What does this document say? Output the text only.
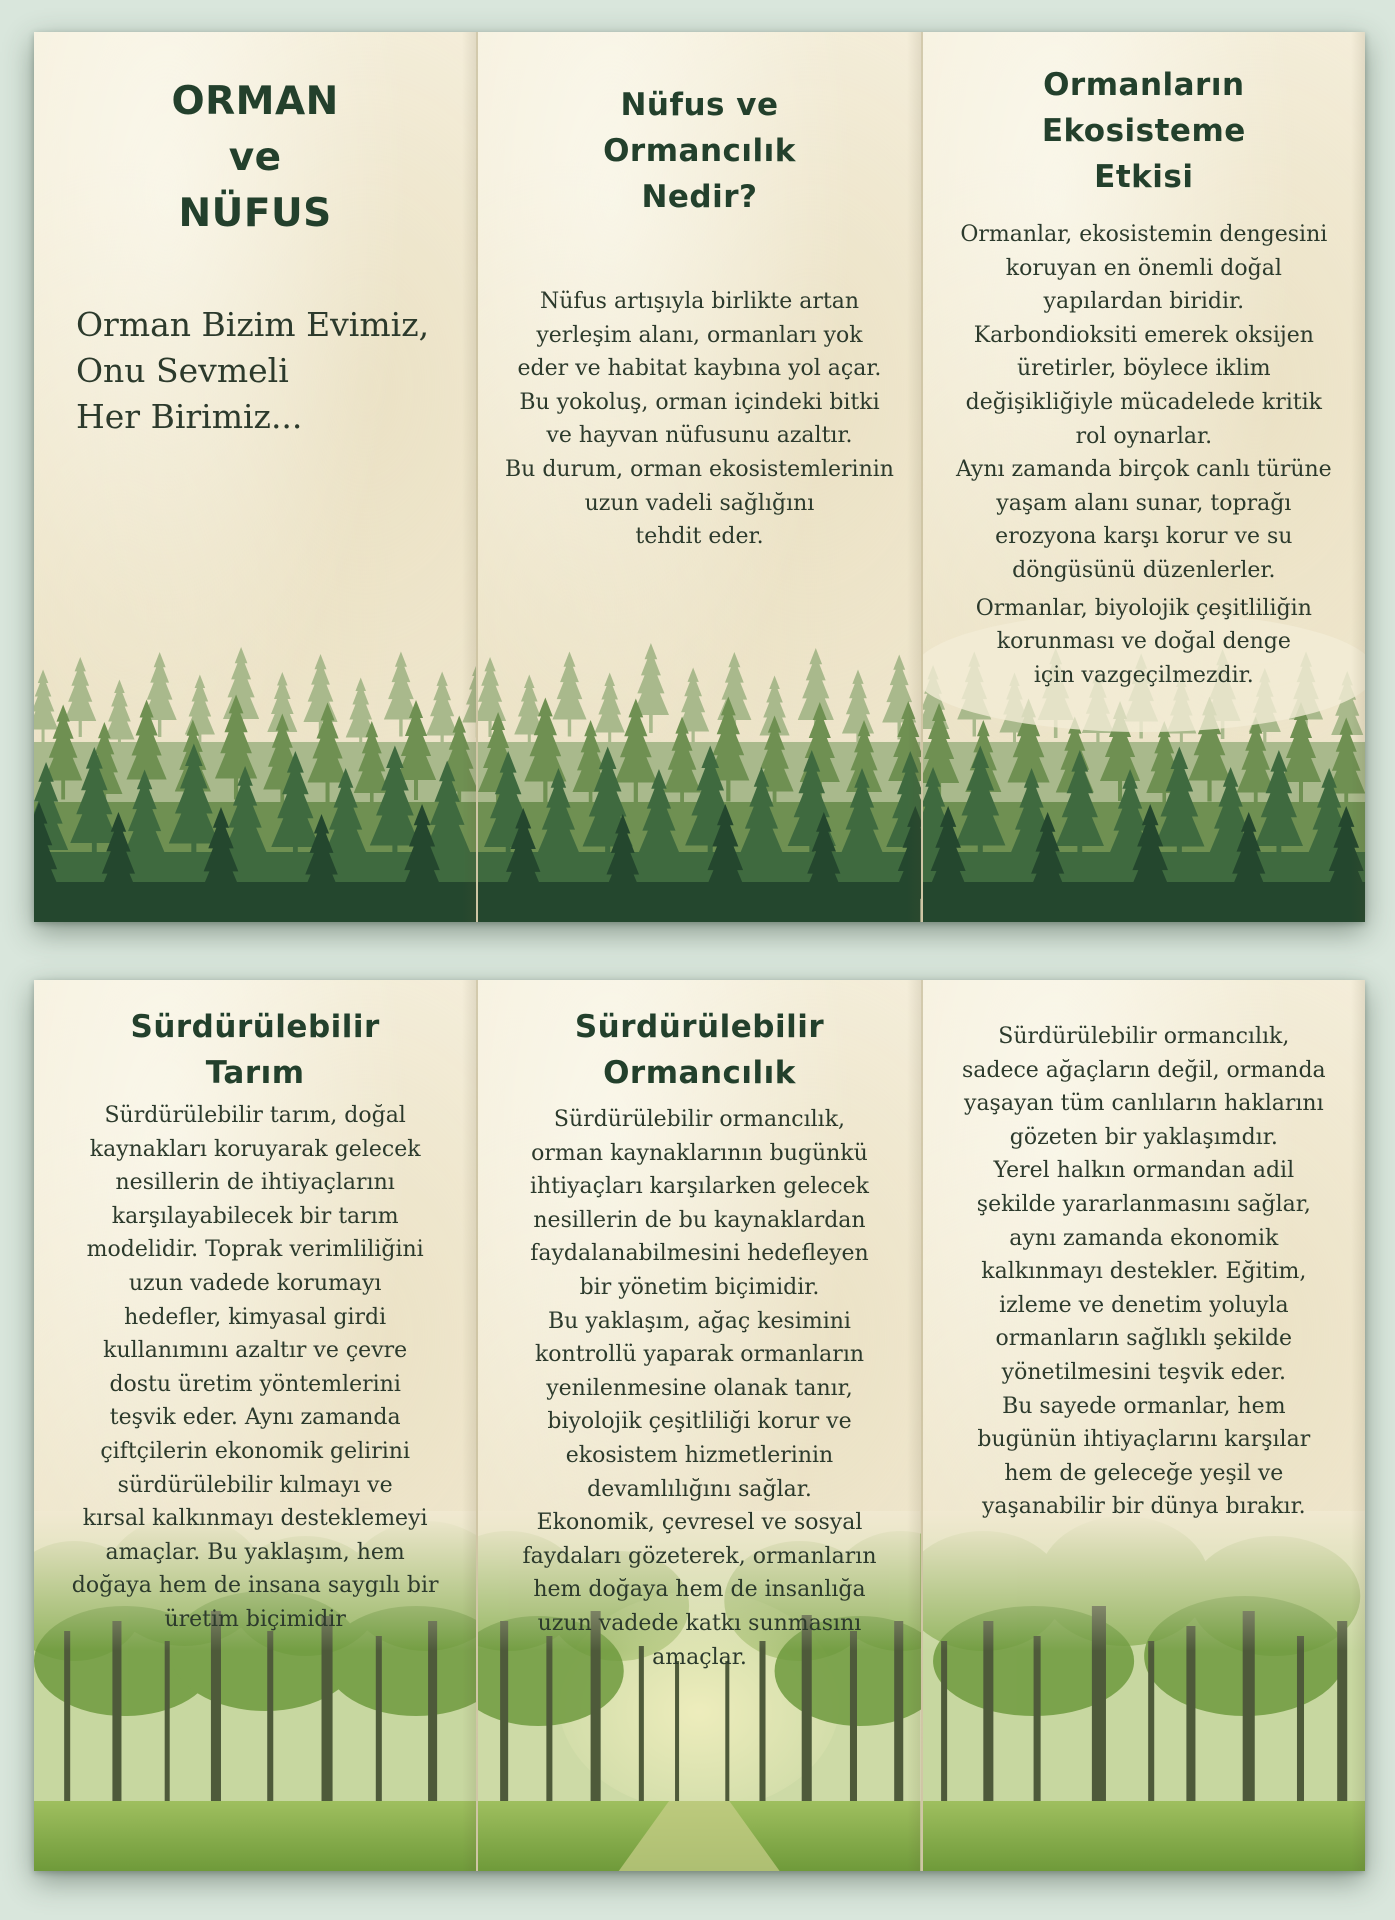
ORMAN
ve
NÜFUS

Orman Bizim Evimiz,
Onu Sevmeli
Her Birimiz...

Nüfus ve
Ormancılık
Nedir?

Nüfus artışıyla birlikte artan
yerleşim alanı, ormanları yok
eder ve habitat kaybına yol açar.
Bu yokoluş, orman içindeki bitki
ve hayvan nüfusunu azaltır.
Bu durum, orman ekosistemlerinin
uzun vadeli sağlığını
tehdit eder.

Ormanların
Ekosisteme
Etkisi

Ormanlar, ekosistemin dengesini
koruyan en önemli doğal
yapılardan biridir.
Karbondioksiti emerek oksijen
üretirler, böylece iklim
değişikliğiyle mücadelede kritik
rol oynarlar.
Aynı zamanda birçok canlı türüne
yaşam alanı sunar, toprağı
erozyona karşı korur ve su
döngüsünü düzenlerler.
Ormanlar, biyolojik çeşitliliğin
korunması ve doğal denge
için vazgeçilmezdir.

Sürdürülebilir
Tarım

Sürdürülebilir tarım, doğal
kaynakları koruyarak gelecek
nesillerin de ihtiyaçlarını
karşılayabilecek bir tarım
modelidir. Toprak verimliliğini
uzun vadede korumayı
hedefler, kimyasal girdi
kullanımını azaltır ve çevre
dostu üretim yöntemlerini
teşvik eder. Aynı zamanda
çiftçilerin ekonomik gelirini
sürdürülebilir kılmayı ve
kırsal kalkınmayı desteklemeyi
amaçlar. Bu yaklaşım, hem
doğaya hem de insana saygılı bir
üretim biçimidir

Sürdürülebilir
Ormancılık

Sürdürülebilir ormancılık,
orman kaynaklarının bugünkü
ihtiyaçları karşılarken gelecek
nesillerin de bu kaynaklardan
faydalanabilmesini hedefleyen
bir yönetim biçimidir.
Bu yaklaşım, ağaç kesimini
kontrollü yaparak ormanların
yenilenmesine olanak tanır,
biyolojik çeşitliliği korur ve
ekosistem hizmetlerinin
devamlılığını sağlar.
Ekonomik, çevresel ve sosyal
faydaları gözeterek, ormanların
hem doğaya hem de insanlığa
uzun vadede katkı sunmasını
amaçlar.

Sürdürülebilir ormancılık,
sadece ağaçların değil, ormanda
yaşayan tüm canlıların haklarını
gözeten bir yaklaşımdır.
Yerel halkın ormandan adil
şekilde yararlanmasını sağlar,
aynı zamanda ekonomik
kalkınmayı destekler. Eğitim,
izleme ve denetim yoluyla
ormanların sağlıklı şekilde
yönetilmesini teşvik eder.
Bu sayede ormanlar, hem
bugünün ihtiyaçlarını karşılar
hem de geleceğe yeşil ve
yaşanabilir bir dünya bırakır.
